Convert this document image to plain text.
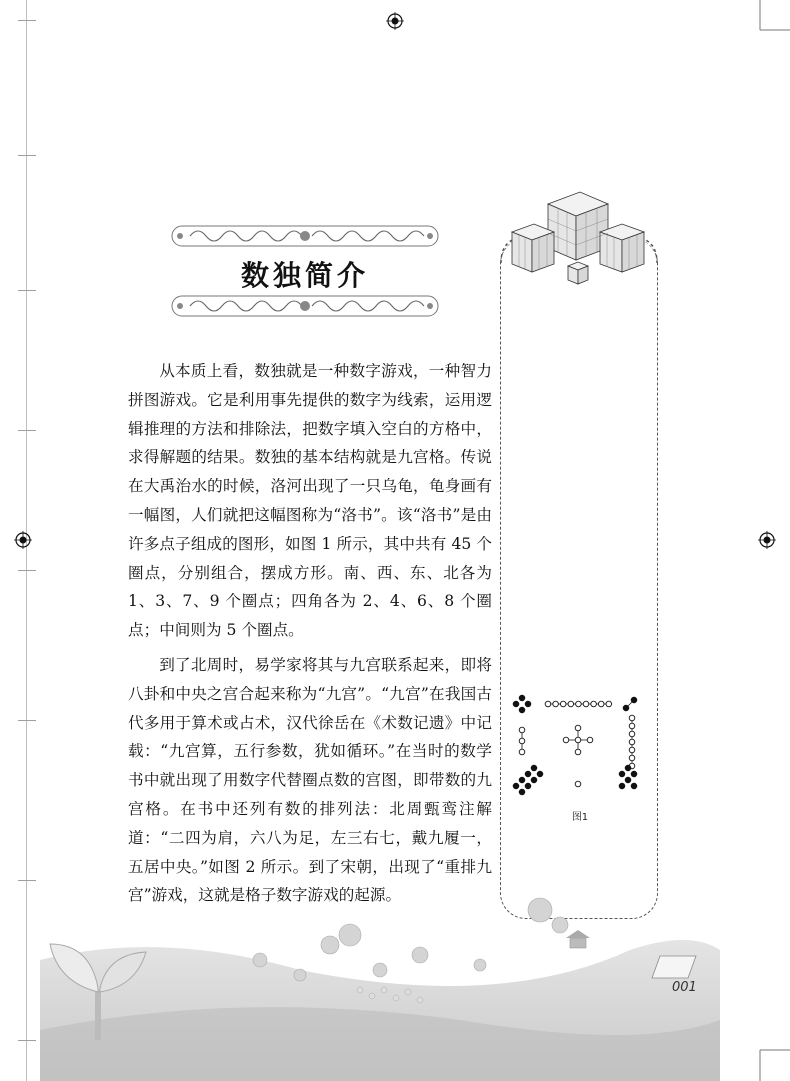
数独简介

从本质上看，数独就是一种数字游戏，一种智力拼图游戏。它是利用事先提供的数字为线索，运用逻辑推理的方法和排除法，把数字填入空白的方格中，求得解题的结果。数独的基本结构就是九宫格。传说在大禹治水的时候，洛河出现了一只乌龟，龟身画有一幅图，人们就把这幅图称为“洛书”。该“洛书”是由许多点子组成的图形，如图 1 所示，其中共有 45 个圈点，分别组合，摆成方形。南、西、东、北各为 1、3、7、9 个圈点；四角各为 2、4、6、8 个圈点；中间则为 5 个圈点。

到了北周时，易学家将其与九宫联系起来，即将八卦和中央之宫合起来称为“九宫”。“九宫”在我国古代多用于算术或占术，汉代徐岳在《术数记遗》中记载：“九宫算，五行参数，犹如循环。”在当时的数学书中就出现了用数字代替圈点数的宫图，即带数的九宫格。在书中还列有数的排列法：北周甄鸾注解道：“二四为肩，六八为足，左三右七，戴九履一，五居中央。”如图 2 所示。到了宋朝，出现了“重排九宫”游戏，这就是格子数字游戏的起源。

图1
001
